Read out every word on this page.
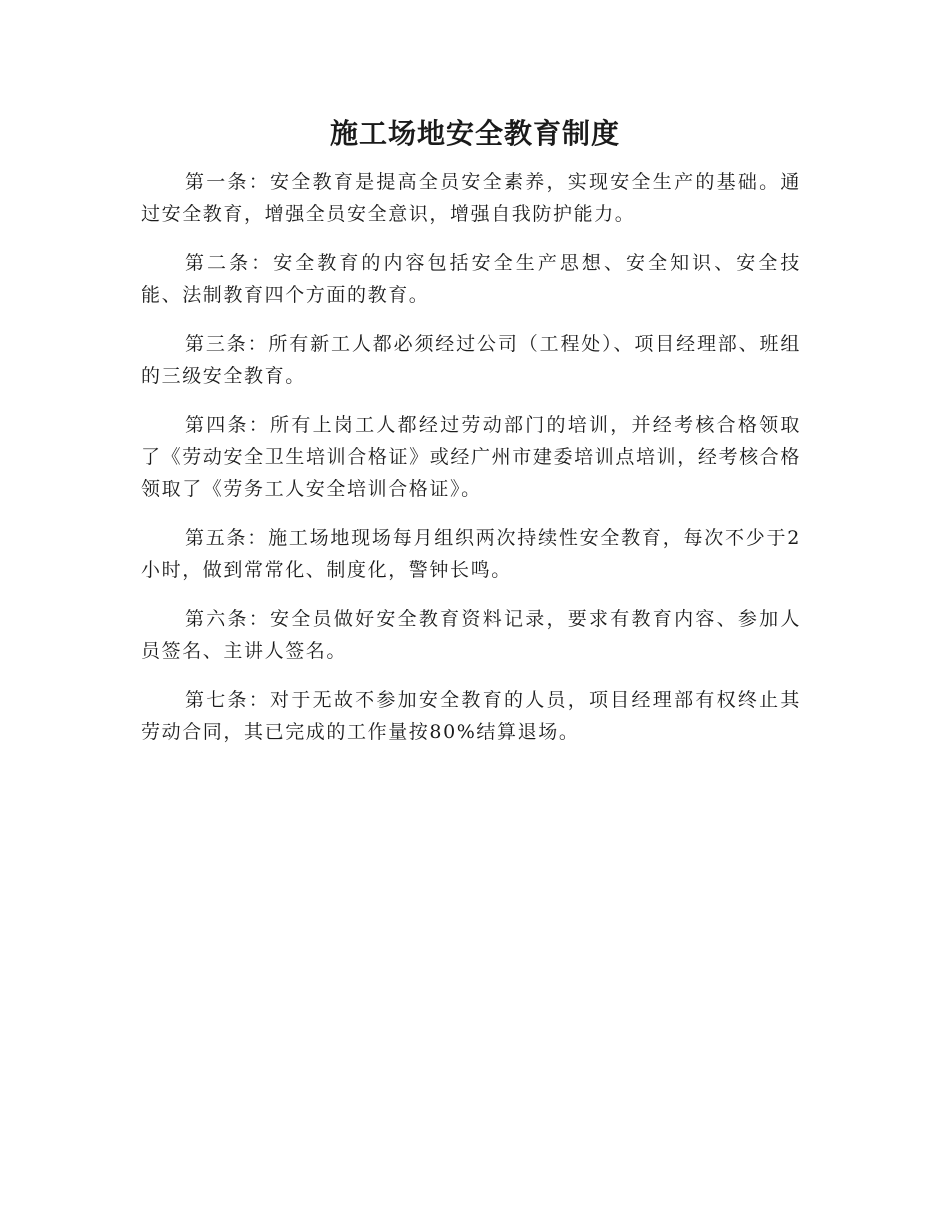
施工场地安全教育制度

第一条：安全教育是提高全员安全素养，实现安全生产的基础。通过安全教育，增强全员安全意识，增强自我防护能力。

第二条：安全教育的内容包括安全生产思想、安全知识、安全技能、法制教育四个方面的教育。

第三条：所有新工人都必须经过公司（工程处）、项目经理部、班组的三级安全教育。

第四条：所有上岗工人都经过劳动部门的培训，并经考核合格领取了《劳动安全卫生培训合格证》或经广州市建委培训点培训，经考核合格领取了《劳务工人安全培训合格证》。

第五条：施工场地现场每月组织两次持续性安全教育，每次不少于2小时，做到常常化、制度化，警钟长鸣。

第六条：安全员做好安全教育资料记录，要求有教育内容、参加人员签名、主讲人签名。

第七条：对于无故不参加安全教育的人员，项目经理部有权终止其劳动合同，其已完成的工作量按80%结算退场。
